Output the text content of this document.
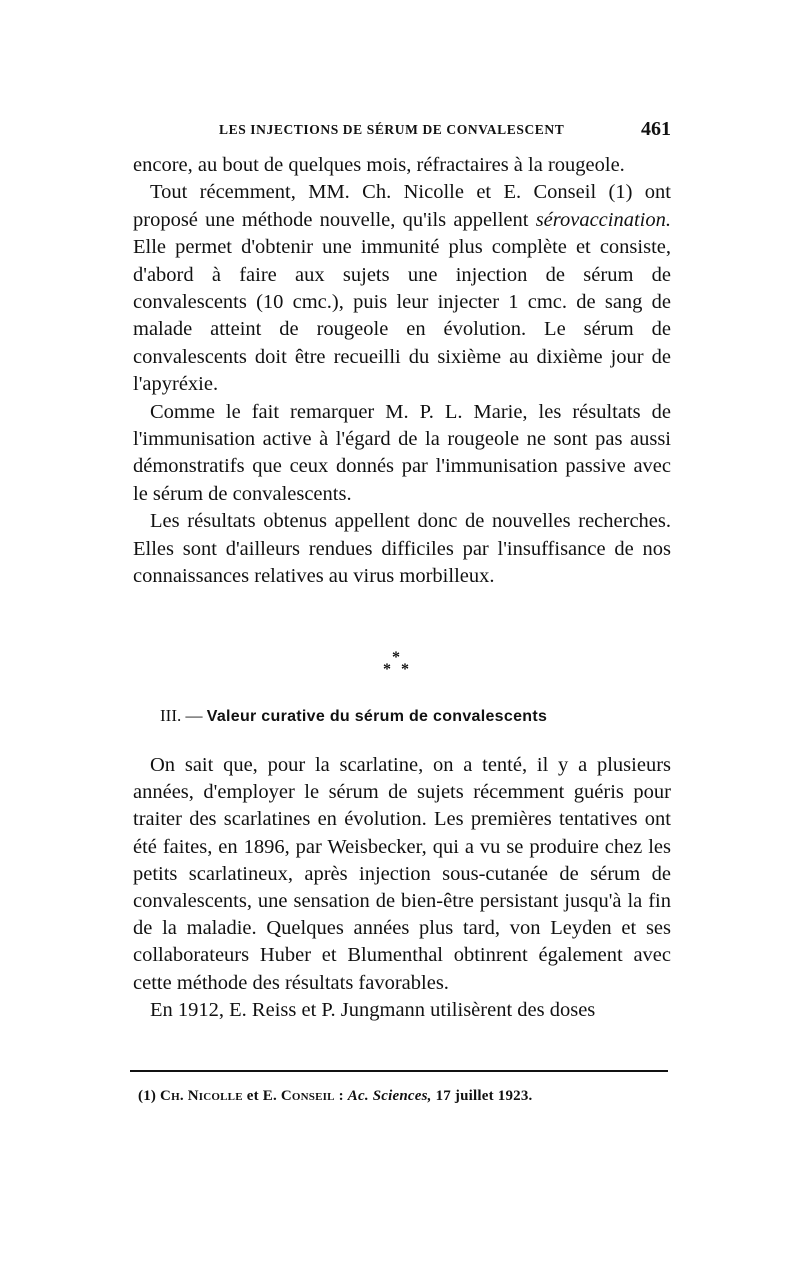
LES INJECTIONS DE SÉRUM DE CONVALESCENT	461

encore, au bout de quelques mois, réfractaires à la rougeole.

Tout récemment, MM. Ch. Nicolle et E. Conseil (1) ont proposé une méthode nouvelle, qu'ils appellent sérovaccination. Elle permet d'obtenir une immunité plus complète et consiste, d'abord à faire aux sujets une injection de sérum de convalescents (10 cmc.), puis leur injecter 1 cmc. de sang de malade atteint de rougeole en évolution. Le sérum de convalescents doit être recueilli du sixième au dixième jour de l'apyréxie.

Comme le fait remarquer M. P. L. Marie, les résultats de l'immunisation active à l'égard de la rougeole ne sont pas aussi démonstratifs que ceux donnés par l'immunisation passive avec le sérum de convalescents.

Les résultats obtenus appellent donc de nouvelles recherches. Elles sont d'ailleurs rendues difficiles par l'insuffisance de nos connaissances relatives au virus morbilleux.

*
* *
III. — Valeur curative du sérum de convalescents

On sait que, pour la scarlatine, on a tenté, il y a plusieurs années, d'employer le sérum de sujets récemment guéris pour traiter des scarlatines en évolution. Les premières tentatives ont été faites, en 1896, par Weisbecker, qui a vu se produire chez les petits scarlatineux, après injection sous-cutanée de sérum de convalescents, une sensation de bien-être persistant jusqu'à la fin de la maladie. Quelques années plus tard, von Leyden et ses collaborateurs Huber et Blumenthal obtinrent également avec cette méthode des résultats favorables.

En 1912, E. Reiss et P. Jungmann utilisèrent des doses

(1) Ch. Nicolle et E. Conseil : Ac. Sciences, 17 juillet 1923.
